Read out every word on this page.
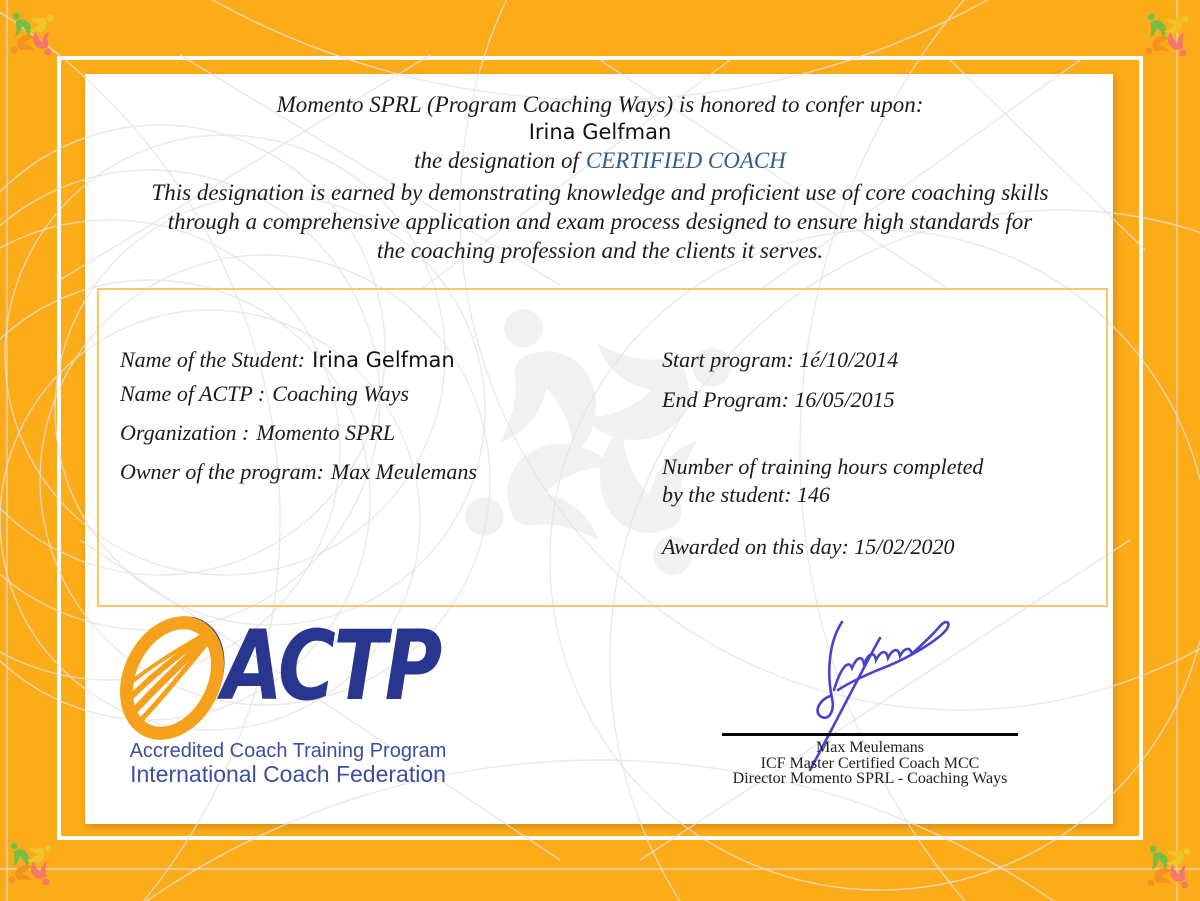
Momento SPRL (Program Coaching Ways) is honored to confer upon:
Irina Gelfman
the designation of CERTIFIED COACH
This designation is earned by demonstrating knowledge and proficient use of core coaching skills
through a comprehensive application and exam process designed to ensure high standards for
the coaching profession and the clients it serves.
Name of the Student: Irina Gelfman
Name of ACTP : Coaching Ways
Organization : Momento SPRL
Owner of the program: Max Meulemans
Start program: 1é/10/2014
End Program: 16/05/2015
Number of training hours completed
by the student: 146
Awarded on this day: 15/02/2020
ACTP
Accredited Coach Training Program
International Coach Federation
Max Meulemans
ICF Master Certified Coach MCC
Director Momento SPRL - Coaching Ways
